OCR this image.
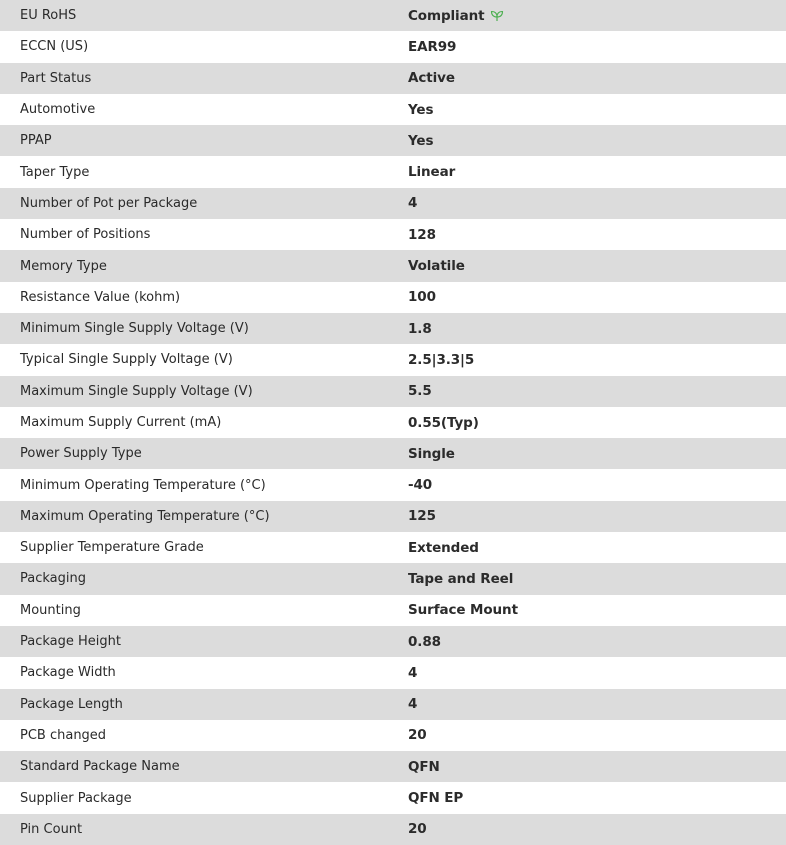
EU RoHS	Compliant
ECCN (US)	EAR99
Part Status	Active
Automotive	Yes
PPAP	Yes
Taper Type	Linear
Number of Pot per Package	4
Number of Positions	128
Memory Type	Volatile
Resistance Value (kohm)	100
Minimum Single Supply Voltage (V)	1.8
Typical Single Supply Voltage (V)	2.5|3.3|5
Maximum Single Supply Voltage (V)	5.5
Maximum Supply Current (mA)	0.55(Typ)
Power Supply Type	Single
Minimum Operating Temperature (°C)	-40
Maximum Operating Temperature (°C)	125
Supplier Temperature Grade	Extended
Packaging	Tape and Reel
Mounting	Surface Mount
Package Height	0.88
Package Width	4
Package Length	4
PCB changed	20
Standard Package Name	QFN
Supplier Package	QFN EP
Pin Count	20
